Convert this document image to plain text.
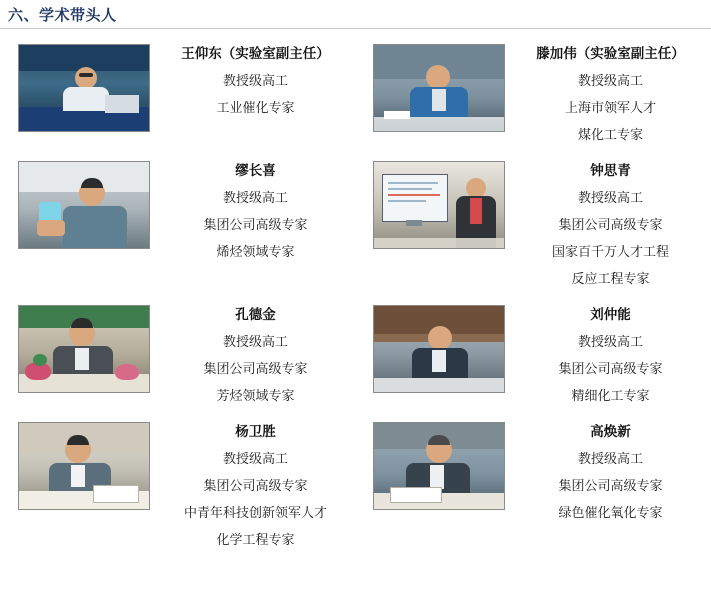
六、学术带头人
王仰东（实验室副主任）
教授级高工
工业催化专家
滕加伟（实验室副主任）
教授级高工
上海市领军人才
煤化工专家
缪长喜
教授级高工
集团公司高级专家
烯烃领域专家
钟思青
教授级高工
集团公司高级专家
国家百千万人才工程
反应工程专家
孔德金
教授级高工
集团公司高级专家
芳烃领域专家
刘仲能
教授级高工
集团公司高级专家
精细化工专家
杨卫胜
教授级高工
集团公司高级专家
中青年科技创新领军人才
化学工程专家
高焕新
教授级高工
集团公司高级专家
绿色催化氧化专家
